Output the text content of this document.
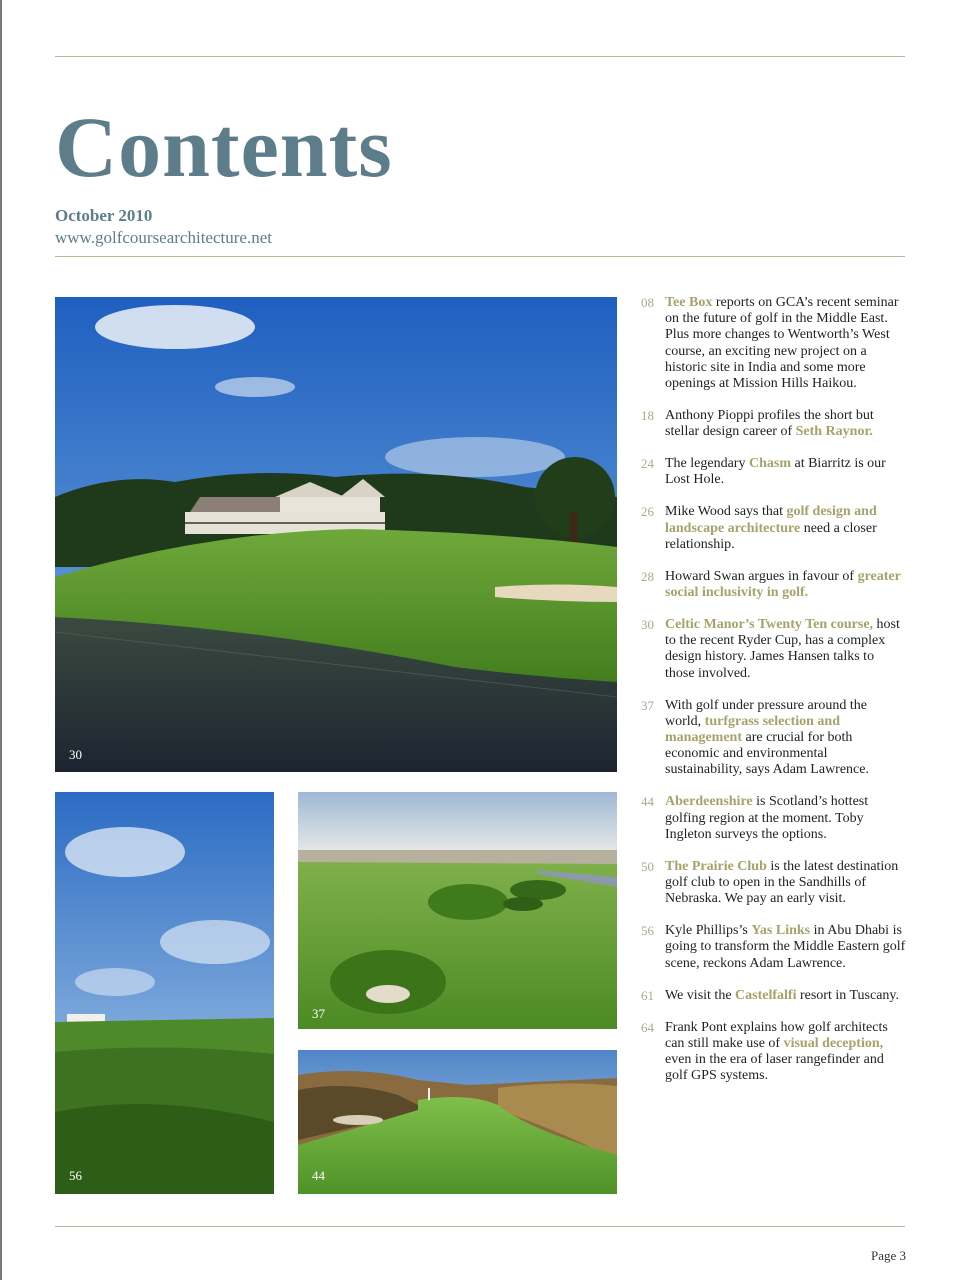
Contents
October 2010
www.golfcoursearchitecture.net
30
56
37
44
08 Tee Box reports on GCA’s recent seminar on the future of golf in the Middle East. Plus more changes to Wentworth’s West course, an exciting new project on a historic site in India and some more openings at Mission Hills Haikou.
18 Anthony Pioppi profiles the short but stellar design career of Seth Raynor.
24 The legendary Chasm at Biarritz is our Lost Hole.
26 Mike Wood says that golf design and landscape architecture need a closer relationship.
28 Howard Swan argues in favour of greater social inclusivity in golf.
30 Celtic Manor’s Twenty Ten course, host to the recent Ryder Cup, has a complex design history. James Hansen talks to those involved.
37 With golf under pressure around the world, turfgrass selection and management are crucial for both economic and environmental sustainability, says Adam Lawrence.
44 Aberdeenshire is Scotland’s hottest golfing region at the moment. Toby Ingleton surveys the options.
50 The Prairie Club is the latest destination golf club to open in the Sandhills of Nebraska. We pay an early visit.
56 Kyle Phillips’s Yas Links in Abu Dhabi is going to transform the Middle Eastern golf scene, reckons Adam Lawrence.
61 We visit the Castelfalfi resort in Tuscany.
64 Frank Pont explains how golf architects can still make use of visual deception, even in the era of laser rangefinder and golf GPS systems.
Page 3
